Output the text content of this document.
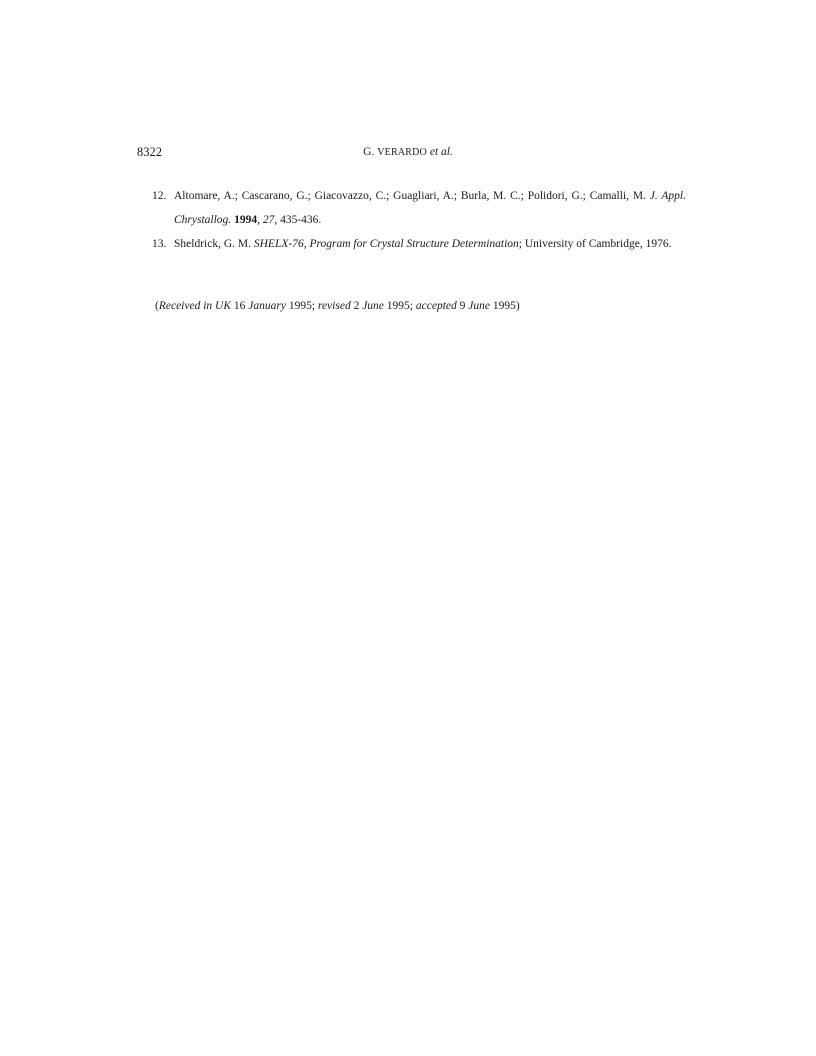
8322	G. VERARDO et al.
12. Altomare, A.; Cascarano, G.; Giacovazzo, C.; Guagliari, A.; Burla, M. C.; Polidori, G.; Camalli, M. J. Appl. Chrystallog. 1994, 27, 435-436.
13. Sheldrick, G. M. SHELX-76, Program for Crystal Structure Determination; University of Cambridge, 1976.
(Received in UK 16 January 1995; revised 2 June 1995; accepted 9 June 1995)
